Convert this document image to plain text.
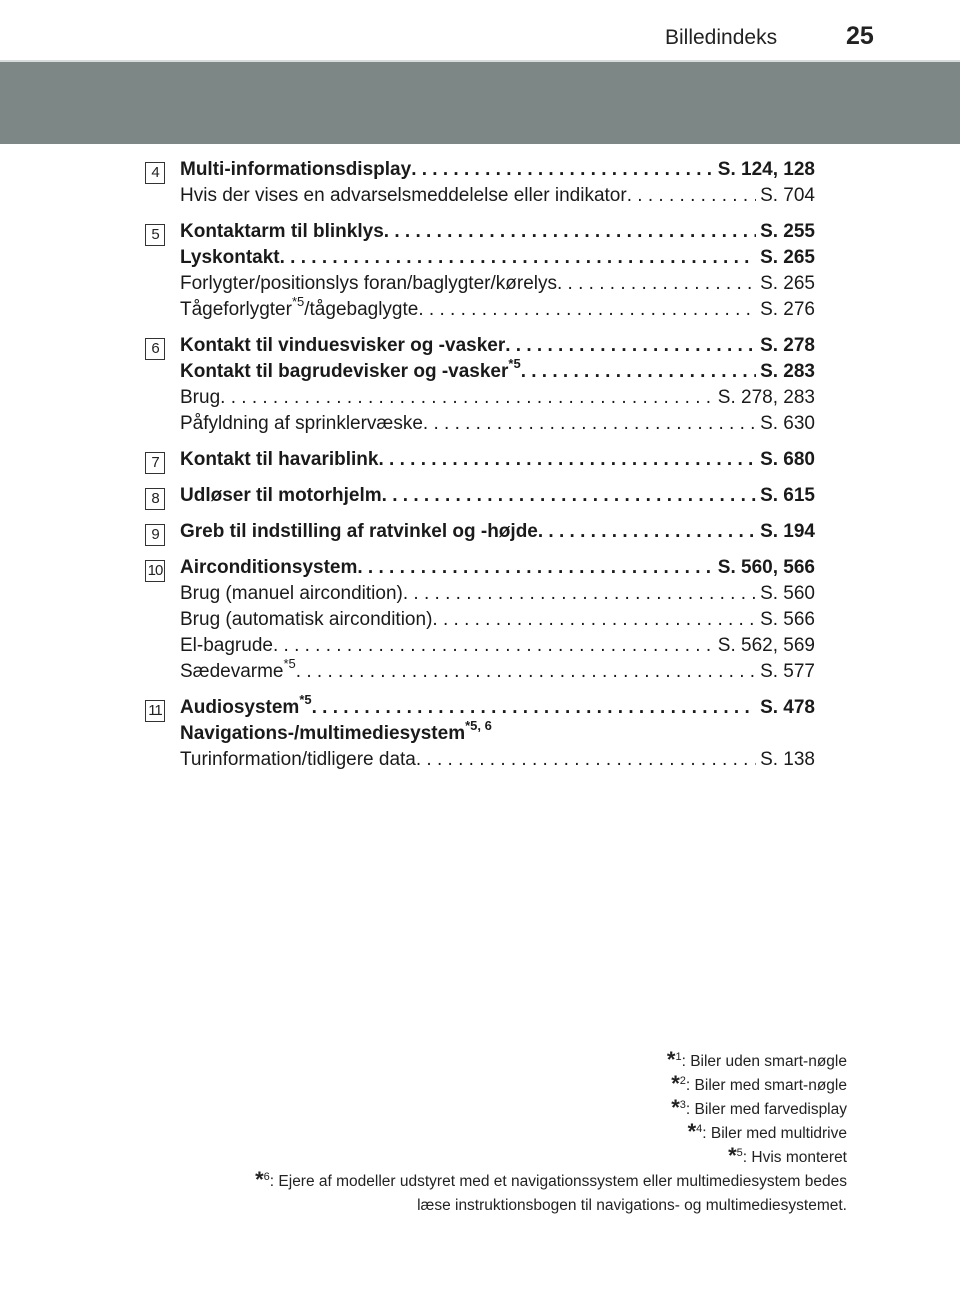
Billedindeks	25
4	Multi-informationsdisplay . . .	S. 124, 128
Hvis der vises en advarselsmeddelelse eller indikator . . .	S. 704
5	Kontaktarm til blinklys . . .	S. 255
Lyskontakt . . .	S. 265
Forlygter/positionslys foran/baglygter/kørelys . . .	S. 265
Tågeforlygter$^{*5}$/tågebaglygte . . .	S. 276
6	Kontakt til vinduesvisker og -vasker . . .	S. 278
Kontakt til bagrudevisker og -vasker$^{*5}$ . . .	S. 283
Brug . . .	S. 278, 283
Påfyldning af sprinklervæske . . .	S. 630
7	Kontakt til havariblink . . .	S. 680
8	Udløser til motorhjelm . . .	S. 615
9	Greb til indstilling af ratvinkel og -højde . . .	S. 194
10 Airconditionsystem . . .	S. 560, 566
Brug (manuel aircondition) . . .	S. 560
Brug (automatisk aircondition) . . .	S. 566
El-bagrude . . .	S. 562, 569
Sædevarme$^{*5}$ . . .	S. 577
11 Audiosystem$^{*5}$ . . .	S. 478
Navigations-/multimediesystem$^{*5, 6}$
Turinformation/tidligere data . . .	S. 138
*$^1$: Biler uden smart-nøgle
*$^2$: Biler med smart-nøgle
*$^3$: Biler med farvedisplay
*$^4$: Biler med multidrive
*$^5$: Hvis monteret
*$^6$: Ejere af modeller udstyret med et navigationssystem eller multimediesystem bedes
læse instruktionsbogen til navigations- og multimediesystemet.
